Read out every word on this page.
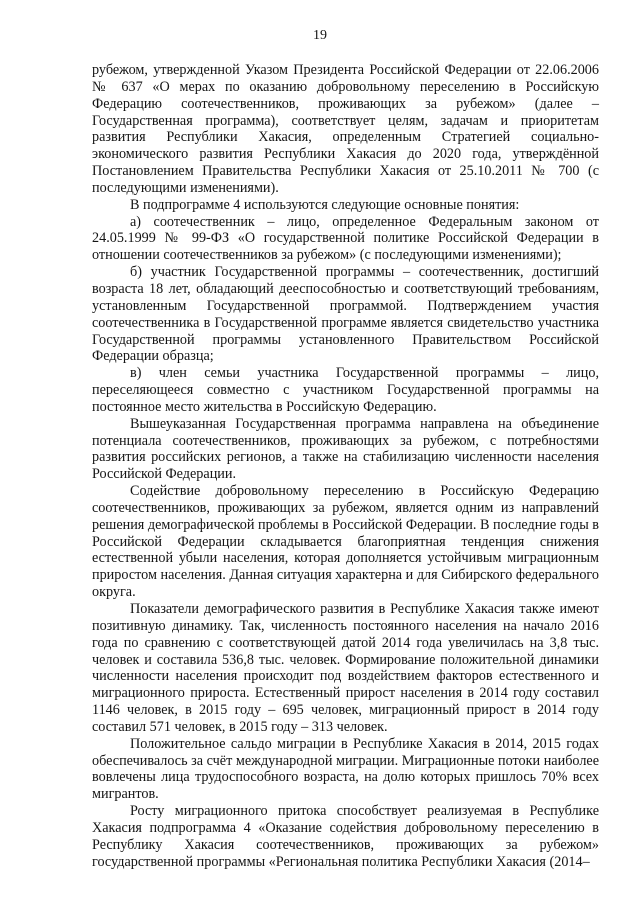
19

рубежом, утвержденной Указом Президента Российской Федерации от 22.06.2006 № 637 «О мерах по оказанию добровольному переселению в Российскую Федерацию соотечественников, проживающих за рубежом» (далее – Государственная программа), соответствует целям, задачам и приоритетам развития Республики Хакасия, определенным Стратегией социально-экономического развития Республики Хакасия до 2020 года, утверждённой Постановлением Правительства Республики Хакасия от 25.10.2011 № 700 (с последующими изменениями).

В подпрограмме 4 используются следующие основные понятия:

а) соотечественник – лицо, определенное Федеральным законом от 24.05.1999 № 99-ФЗ «О государственной политике Российской Федерации в отношении соотечественников за рубежом» (с последующими изменениями);

б) участник Государственной программы – соотечественник, достигший возраста 18 лет, обладающий дееспособностью и соответствующий требованиям, установленным Государственной программой. Подтверждением участия соотечественника в Государственной программе является свидетельство участника Государственной программы установленного Правительством Российской Федерации образца;

в) член семьи участника Государственной программы – лицо, переселяющееся совместно с участником Государственной программы на постоянное место жительства в Российскую Федерацию.

Вышеуказанная Государственная программа направлена на объединение потенциала соотечественников, проживающих за рубежом, с потребностями развития российских регионов, а также на стабилизацию численности населения Российской Федерации.

Содействие добровольному переселению в Российскую Федерацию соотечественников, проживающих за рубежом, является одним из направлений решения демографической проблемы в Российской Федерации. В последние годы в Российской Федерации складывается благоприятная тенденция снижения естественной убыли населения, которая дополняется устойчивым миграционным приростом населения. Данная ситуация характерна и для Сибирского федерального округа.

Показатели демографического развития в Республике Хакасия также имеют позитивную динамику. Так, численность постоянного населения на начало 2016 года по сравнению с соответствующей датой 2014 года увеличилась на 3,8 тыс. человек и составила 536,8 тыс. человек. Формирование положительной динамики численности населения происходит под воздействием факторов естественного и миграционного прироста. Естественный прирост населения в 2014 году составил 1146 человек, в 2015 году – 695 человек, миграционный прирост в 2014 году составил 571 человек, в 2015 году – 313 человек.

Положительное сальдо миграции в Республике Хакасия в 2014, 2015 годах обеспечивалось за счёт международной миграции. Миграционные потоки наиболее вовлечены лица трудоспособного возраста, на долю которых пришлось 70% всех мигрантов.

Росту миграционного притока способствует реализуемая в Республике Хакасия подпрограмма 4 «Оказание содействия добровольному переселению в Республику Хакасия соотечественников, проживающих за рубежом» государственной программы «Региональная политика Республики Хакасия (2014–
